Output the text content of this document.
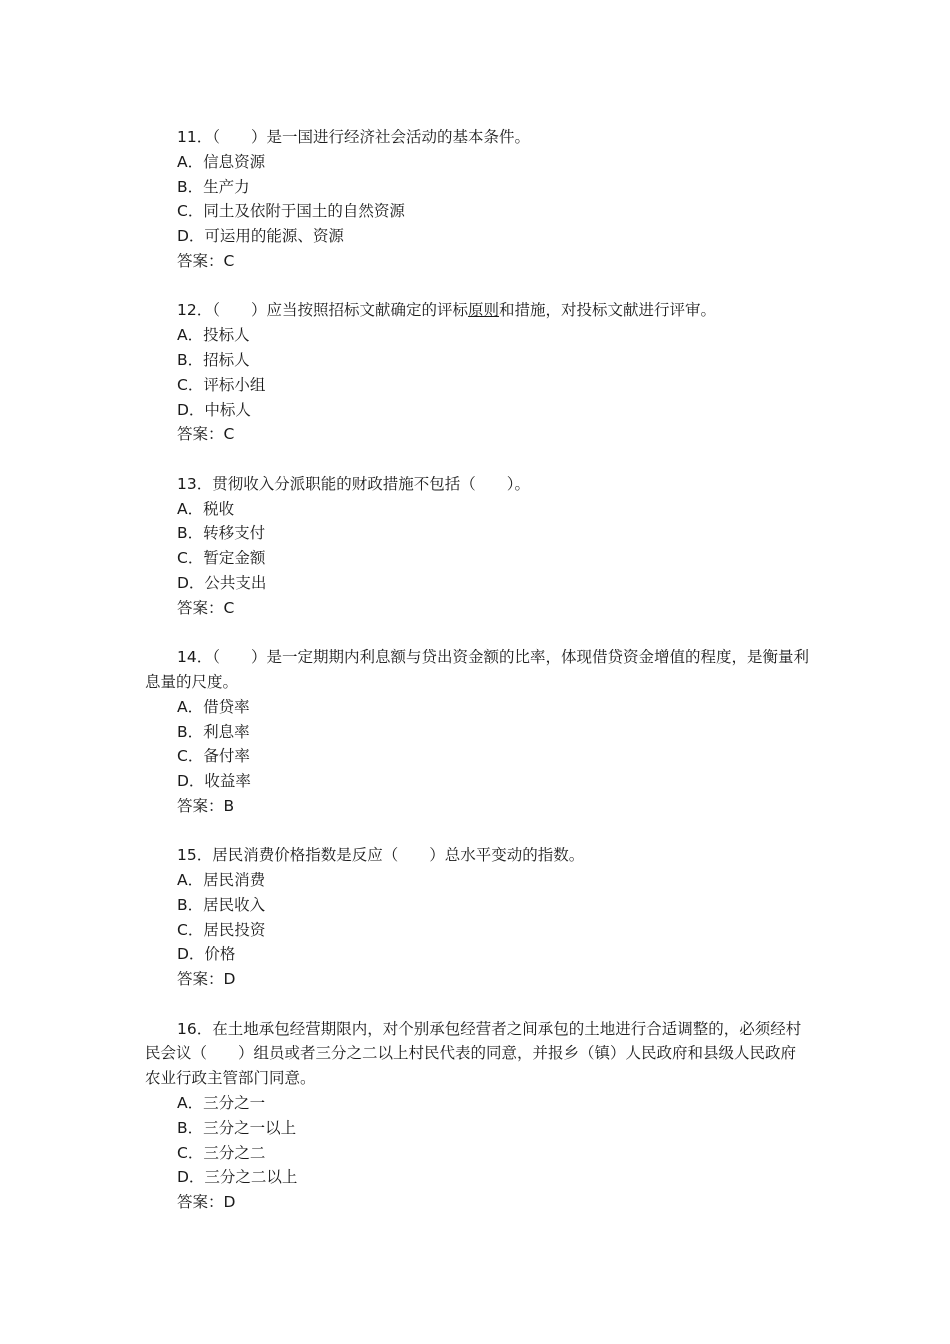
11．（　　）是一国进行经济社会活动的基本条件。

A．信息资源
B．生产力
C．同土及依附于国土的自然资源
D．可运用的能源、资源
答案：C

12．（　　）应当按照招标文献确定的评标原则和措施，对投标文献进行评审。

A．投标人
B．招标人
C．评标小组
D．中标人
答案：C

13．贯彻收入分派职能的财政措施不包括（　　）。

A．税收
B．转移支付
C．暂定金额
D．公共支出
答案：C

14．（　　）是一定期期内利息额与贷出资金额的比率，体现借贷资金增值的程度，是衡量利息量的尺度。

A．借贷率
B．利息率
C．备付率
D．收益率
答案：B

15．居民消费价格指数是反应（　　）总水平变动的指数。

A．居民消费
B．居民收入
C．居民投资
D．价格
答案：D

16．在土地承包经营期限内，对个别承包经营者之间承包的土地进行合适调整的，必须经村民会议（　　）组员或者三分之二以上村民代表的同意，并报乡（镇）人民政府和县级人民政府农业行政主管部门同意。

A．三分之一
B．三分之一以上
C．三分之二
D．三分之二以上
答案：D
